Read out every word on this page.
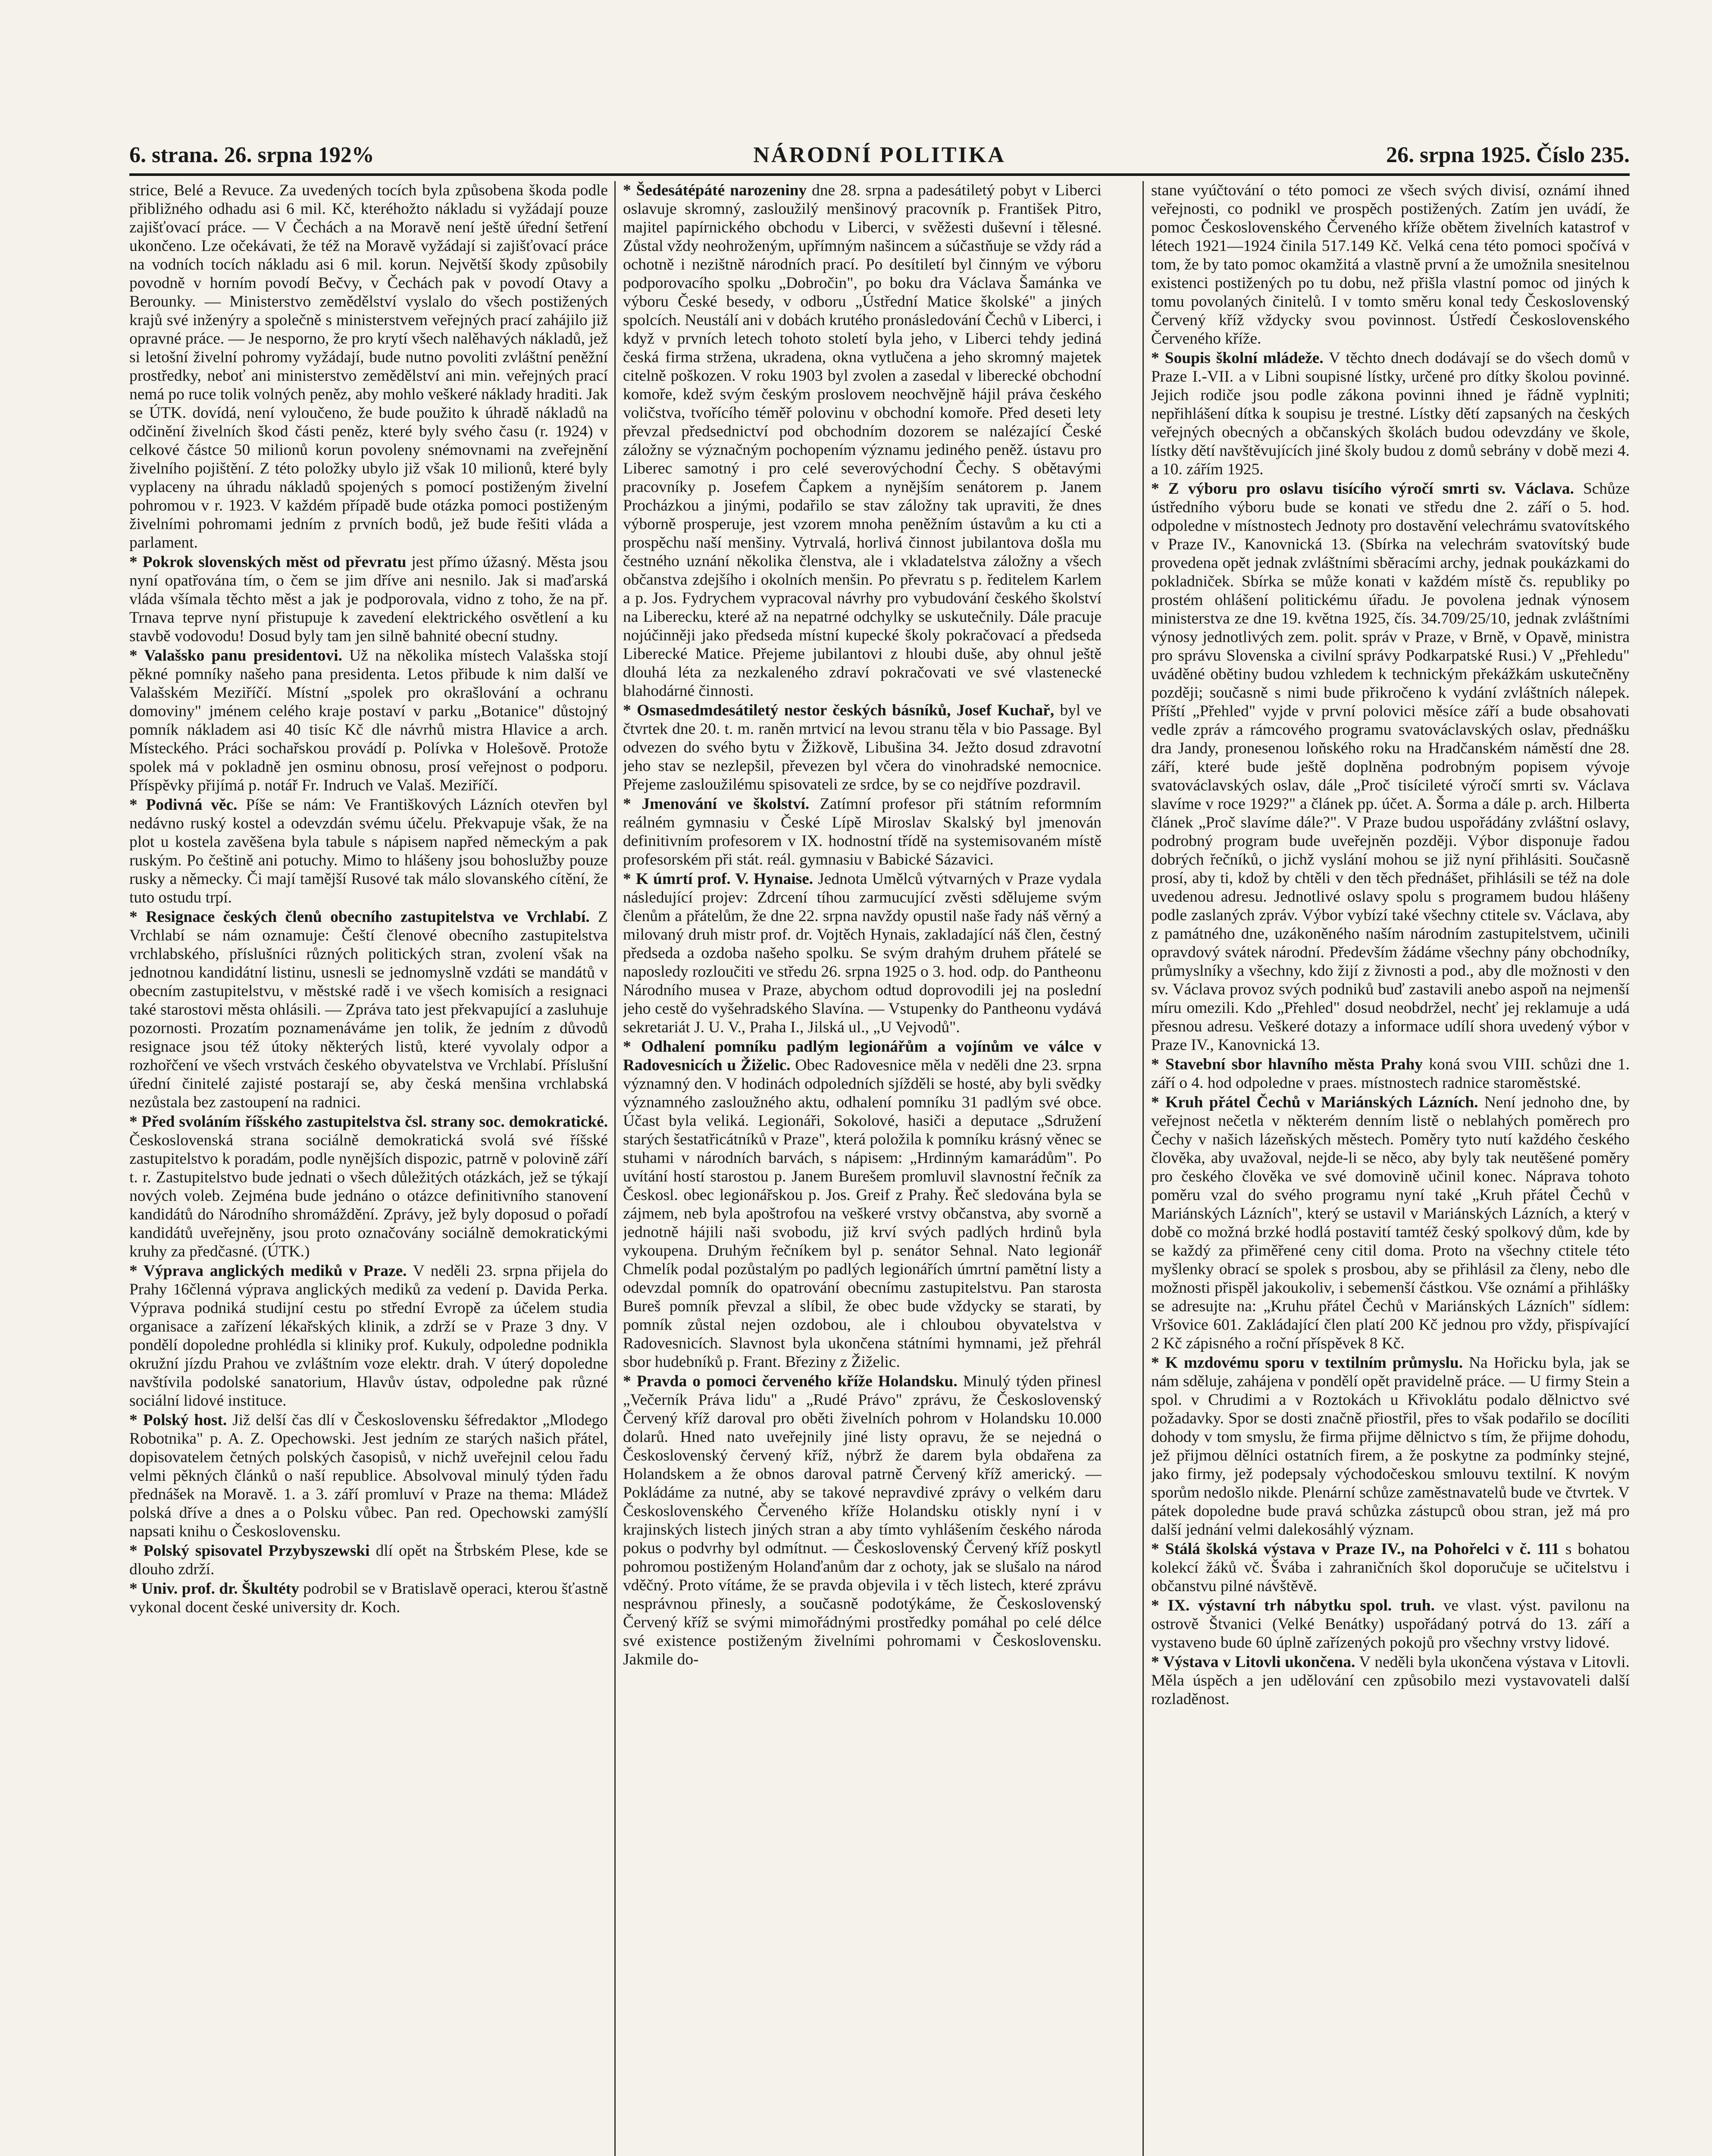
6. strana. 26. srpna 192%	NÁRODNÍ POLITIKA	26. srpna 1925. Číslo 235.

strice, Belé a Revuce. Za uvedených tocích byla způsobena škoda podle přibližného odhadu asi 6 mil. Kč, kteréhožto nákladu si vyžádají pouze zajišťovací práce. — V Čechách a na Moravě není ještě úřední šetření ukončeno. Lze očekávati, že též na Moravě vyžádají si zajišťovací práce na vodních tocích nákladu asi 6 mil. korun. Největší škody způsobily povodně v horním povodí Bečvy, v Čechách pak v povodí Otavy a Berounky. — Ministerstvo zemědělství vyslalo do všech postižených krajů své inženýry a společně s ministerstvem veřejných prací zahájilo již opravné práce. — Je nesporno, že pro krytí všech nalěhavých nákladů, jež si letošní živelní pohromy vyžádají, bude nutno povoliti zvláštní peněžní prostředky, neboť ani ministerstvo zemědělství ani min. veřejných prací nemá po ruce tolik volných peněz, aby mohlo veškeré náklady hraditi. Jak se ÚTK. dovídá, není vyloučeno, že bude použito k úhradě nákladů na odčinění živelních škod části peněz, které byly svého času (r. 1924) v celkové částce 50 milionů korun povoleny snémovnami na zveřejnění živelního pojištění. Z této položky ubylo již však 10 milionů, které byly vyplaceny na úhradu nákladů spojených s pomocí postiženým živelní pohromou v r. 1923. V každém případě bude otázka pomoci postiženým živelními pohromami jedním z prvních bodů, jež bude řešiti vláda a parlament.

* Pokrok slovenských měst od převratu jest přímo úžasný. Města jsou nyní opatřována tím, o čem se jim dříve ani nesnilo. Jak si maďarská vláda všímala těchto měst a jak je podporovala, vidno z toho, že na př. Trnava teprve nyní přistupuje k zavedení elektrického osvětlení a ku stavbě vodovodu! Dosud byly tam jen silně bahnité obecní studny.

* Valašsko panu presidentovi. Už na několika místech Valašska stojí pěkné pomníky našeho pana presidenta. Letos přibude k nim další ve Valašském Meziříčí. Místní „spolek pro okrašlování a ochranu domoviny" jménem celého kraje postaví v parku „Botanice" důstojný pomník nákladem asi 40 tisíc Kč dle návrhů mistra Hlavice a arch. Místeckého. Práci sochařskou provádí p. Polívka v Holešově. Protože spolek má v pokladně jen osminu obnosu, prosí veřejnost o podporu. Příspěvky přijímá p. notář Fr. Indruch ve Valaš. Meziříčí.

* Podivná věc. Píše se nám: Ve Františkových Lázních otevřen byl nedávno ruský kostel a odevzdán svému účelu. Překvapuje však, že na plot u kostela zavěšena byla tabule s nápisem napřed německým a pak ruským. Po češtině ani potuchy. Mimo to hlášeny jsou bohoslužby pouze rusky a německy. Či mají tamější Rusové tak málo slovanského cítění, že tuto ostudu trpí.

* Resignace českých členů obecního zastupitelstva ve Vrchlabí. Z Vrchlabí se nám oznamuje: Čeští členové obecního zastupitelstva vrchlabského, příslušníci různých politických stran, zvolení však na jednotnou kandidátní listinu, usnesli se jednomyslně vzdáti se mandátů v obecním zastupitelstvu, v městské radě i ve všech komisích a resignaci také starostovi města ohlásili. — Zpráva tato jest překvapující a zasluhuje pozornosti. Prozatím poznamenáváme jen tolik, že jedním z důvodů resignace jsou též útoky některých listů, které vyvolaly odpor a rozhořčení ve všech vrstvách českého obyvatelstva ve Vrchlabí. Příslušní úřední činitelé zajisté postarají se, aby česká menšina vrchlabská nezůstala bez zastoupení na radnici.

* Před svoláním říšského zastupitelstva čsl. strany soc. demokratické. Československá strana sociálně demokratická svolá své říšské zastupitelstvo k poradám, podle nynějších dispozic, patrně v polovině září t. r. Zastupitelstvo bude jednati o všech důležitých otázkách, jež se týkají nových voleb. Zejména bude jednáno o otázce definitivního stanovení kandidátů do Národního shromáždění. Zprávy, jež byly doposud o pořadí kandidátů uveřejněny, jsou proto označovány sociálně demokratickými kruhy za předčasné. (ÚTK.)

* Výprava anglických mediků v Praze. V neděli 23. srpna přijela do Prahy 16členná výprava anglických mediků za vedení p. Davida Perka. Výprava podniká studijní cestu po střední Evropě za účelem studia organisace a zařízení lékařských klinik, a zdrží se v Praze 3 dny. V pondělí dopoledne prohlédla si kliniky prof. Kukuly, odpoledne podnikla okružní jízdu Prahou ve zvláštním voze elektr. drah. V úterý dopoledne navštívila podolské sanatorium, Hlavův ústav, odpoledne pak různé sociální lidové instituce.

* Polský host. Již delší čas dlí v Československu šéfredaktor „Mlodego Robotnika" p. A. Z. Opechowski. Jest jedním ze starých našich přátel, dopisovatelem četných polských časopisů, v nichž uveřejnil celou řadu velmi pěkných článků o naší republice. Absolvoval minulý týden řadu přednášek na Moravě. 1. a 3. září promluví v Praze na thema: Mládež polská dříve a dnes a o Polsku vůbec. Pan red. Opechowski zamýšlí napsati knihu o Československu.

* Polský spisovatel Przybyszewski dlí opět na Štrbském Plese, kde se dlouho zdrží.

* Univ. prof. dr. Škultéty podrobil se v Bratislavě operaci, kterou šťastně vykonal docent české university dr. Koch.

* Šedesátépáté narozeniny dne 28. srpna a padesátiletý pobyt v Liberci oslavuje skromný, zasloužilý menšinový pracovník p. František Pitro, majitel papírnického obchodu v Liberci, v svěžesti duševní i tělesné. Zůstal vždy neohroženým, upřímným našincem a súčastňuje se vždy rád a ochotně i nezištně národních prací. Po desítiletí byl činným ve výboru podporovacího spolku „Dobročin", po boku dra Václava Šamánka ve výboru České besedy, v odboru „Ústřední Matice školské" a jiných spolcích. Neustálí ani v dobách krutého pronásledování Čechů v Liberci, i když v prvních letech tohoto století byla jeho, v Liberci tehdy jediná česká firma stržena, ukradena, okna vytlučena a jeho skromný majetek citelně poškozen. V roku 1903 byl zvolen a zasedal v liberecké obchodní komoře, kdež svým českým proslovem neochvějně hájil práva českého voličstva, tvořícího téměř polovinu v obchodní komoře. Před deseti lety převzal předsednictví pod obchodním dozorem se nalézající České záložny se význačným pochopením významu jediného peněž. ústavu pro Liberec samotný i pro celé severovýchodní Čechy. S obětavými pracovníky p. Josefem Čapkem a nynějším senátorem p. Janem Procházkou a jinými, podařilo se stav záložny tak upraviti, že dnes výborně prosperuje, jest vzorem mnoha peněžním ústavům a ku cti a prospěchu naší menšiny. Vytrvalá, horlivá činnost jubilantova došla mu čestného uznání několika členstva, ale i vkladatelstva záložny a všech občanstva zdejšího i okolních menšin. Po převratu s p. ředitelem Karlem a p. Jos. Fydrychem vypracoval návrhy pro vybudování českého školství na Liberecku, které až na nepatrné odchylky se uskutečnily. Dále pracuje nojúčinněji jako předseda místní kupecké školy pokračovací a předseda Liberecké Matice. Přejeme jubilantovi z hloubi duše, aby ohnul ještě dlouhá léta za nezkaleného zdraví pokračovati ve své vlastenecké blahodárné činnosti.

* Osmasedmdesátiletý nestor českých básníků, Josef Kuchař, byl ve čtvrtek dne 20. t. m. raněn mrtvicí na levou stranu těla v bio Passage. Byl odvezen do svého bytu v Žižkově, Libušina 34. Ježto dosud zdravotní jeho stav se nezlepšil, převezen byl včera do vinohradské nemocnice. Přejeme zasloužilému spisovateli ze srdce, by se co nejdříve pozdravil.

* Jmenování ve školství. Zatímní profesor při státním reformním reálném gymnasiu v České Lípě Miroslav Skalský byl jmenován definitivním profesorem v IX. hodnostní třídě na systemisovaném místě profesorském při stát. reál. gymnasiu v Babické Sázavici.

* K úmrtí prof. V. Hynaise. Jednota Umělců výtvarných v Praze vydala následující projev: Zdrcení tíhou zarmucující zvěsti sdělujeme svým členům a přátelům, že dne 22. srpna navždy opustil naše řady náš věrný a milovaný druh mistr prof. dr. Vojtěch Hynais, zakladající náš člen, čestný předseda a ozdoba našeho spolku. Se svým drahým druhem přátelé se naposledy rozloučiti ve středu 26. srpna 1925 o 3. hod. odp. do Pantheonu Národního musea v Praze, abychom odtud doprovodili jej na poslední jeho cestě do vyšehradského Slavína. — Vstupenky do Pantheonu vydává sekretariát J. U. V., Praha I., Jilská ul., „U Vejvodů".

* Odhalení pomníku padlým legionářům a vojínům ve válce v Radovesnicích u Žiželic. Obec Radovesnice měla v neděli dne 23. srpna významný den. V hodinách odpoledních sjížděli se hosté, aby byli svědky významného zasloužného aktu, odhalení pomníku 31 padlým své obce. Účast byla veliká. Legionáři, Sokolové, hasiči a deputace „Sdružení starých šestatřicátníků v Praze", která položila k pomníku krásný věnec se stuhami v národních barvách, s nápisem: „Hrdinným kamarádům". Po uvítání hostí starostou p. Janem Burešem promluvil slavnostní řečník za Českosl. obec legionářskou p. Jos. Greif z Prahy. Řeč sledována byla se zájmem, neb byla apoštrofou na veškeré vrstvy občanstva, aby svorně a jednotně hájili naši svobodu, již krví svých padlých hrdinů byla vykoupena. Druhým řečníkem byl p. senátor Sehnal. Nato legionář Chmelík podal pozůstalým po padlých legionářích úmrtní pamětní listy a odevzdal pomník do opatrování obecnímu zastupitelstvu. Pan starosta Bureš pomník převzal a slíbil, že obec bude vždycky se starati, by pomník zůstal nejen ozdobou, ale i chloubou obyvatelstva v Radovesnicích. Slavnost byla ukončena státními hymnami, jež přehrál sbor hudebníků p. Frant. Březiny z Žiželic.

* Pravda o pomoci červeného kříže Holandsku. Minulý týden přinesl „Večerník Práva lidu" a „Rudé Právo" zprávu, že Československý Červený kříž daroval pro oběti živelních pohrom v Holandsku 10.000 dolarů. Hned nato uveřejnily jiné listy opravu, že se nejedná o Československý červený kříž, nýbrž že darem byla obdařena za Holandskem a že obnos daroval patrně Červený kříž americký. — Pokládáme za nutné, aby se takové nepravdivé zprávy o velkém daru Československého Červeného kříže Holandsku otiskly nyní i v krajinských listech jiných stran a aby tímto vyhlášením českého národa pokus o podvrhy byl odmítnut. — Československý Červený kříž poskytl pohromou postiženým Holanďanům dar z ochoty, jak se slušalo na národ vděčný. Proto vítáme, že se pravda objevila i v těch listech, které zprávu nesprávnou přinesly, a současně podotýkáme, že Československý Červený kříž se svými mimořádnými prostředky pomáhal po celé délce své existence postiženým živelními pohromami v Československu. Jakmile do-

stane vyúčtování o této pomoci ze všech svých divisí, oznámí ihned veřejnosti, co podnikl ve prospěch postižených. Zatím jen uvádí, že pomoc Československého Červeného kříže obětem živelních katastrof v létech 1921—1924 činila 517.149 Kč. Velká cena této pomoci spočívá v tom, že by tato pomoc okamžitá a vlastně první a že umožnila snesitelnou existenci postižených po tu dobu, než přišla vlastní pomoc od jiných k tomu povolaných činitelů. I v tomto směru konal tedy Československý Červený kříž vždycky svou povinnost. Ústředí Československého Červeného kříže.

* Soupis školní mládeže. V těchto dnech dodávají se do všech domů v Praze I.-VII. a v Libni soupisné lístky, určené pro dítky školou povinné. Jejich rodiče jsou podle zákona povinni ihned je řádně vyplniti; nepřihlášení dítka k soupisu je trestné. Lístky dětí zapsaných na českých veřejných obecných a občanských školách budou odevzdány ve škole, lístky dětí navštěvujících jiné školy budou z domů sebrány v době mezi 4. a 10. zářím 1925.

* Z výboru pro oslavu tisícího výročí smrti sv. Václava. Schůze ústředního výboru bude se konati ve středu dne 2. září o 5. hod. odpoledne v místnostech Jednoty pro dostavění velechrámu svatovítského v Praze IV., Kanovnická 13. (Sbírka na velechrám svatovítský bude provedena opět jednak zvláštními sběracími archy, jednak poukázkami do pokladniček. Sbírka se může konati v každém místě čs. republiky po prostém ohlášení politickému úřadu. Je povolena jednak výnosem ministerstva ze dne 19. května 1925, čís. 34.709/25/10, jednak zvláštními výnosy jednotlivých zem. polit. správ v Praze, v Brně, v Opavě, ministra pro správu Slovenska a civilní správy Podkarpatské Rusi.) V „Přehledu" uváděné obětiny budou vzhledem k technickým překážkám uskutečněny později; současně s nimi bude přikročeno k vydání zvláštních nálepek. Příští „Přehled" vyjde v první polovici měsíce září a bude obsahovati vedle zpráv a rámcového programu svatováclavských oslav, přednášku dra Jandy, pronesenou loňského roku na Hradčanském náměstí dne 28. září, které bude ještě doplněna podrobným popisem vývoje svatováclavských oslav, dále „Proč tisícileté výročí smrti sv. Václava slavíme v roce 1929?" a článek pp. účet. A. Šorma a dále p. arch. Hilberta článek „Proč slavíme dále?". V Praze budou uspořádány zvláštní oslavy, podrobný program bude uveřejněn později. Výbor disponuje řadou dobrých řečníků, o jichž vyslání mohou se již nyní přihlásiti. Současně prosí, aby ti, kdož by chtěli v den těch přednášet, přihlásili se též na dole uvedenou adresu. Jednotlivé oslavy spolu s programem budou hlášeny podle zaslaných zpráv. Výbor vybízí také všechny ctitele sv. Václava, aby z památného dne, uzákoněného naším národním zastupitelstvem, učinili opravdový svátek národní. Především žádáme všechny pány obchodníky, průmyslníky a všechny, kdo žijí z živnosti a pod., aby dle možnosti v den sv. Václava provoz svých podniků buď zastavili anebo aspoň na nejmenší míru omezili. Kdo „Přehled" dosud neobdržel, nechť jej reklamuje a udá přesnou adresu. Veškeré dotazy a informace udílí shora uvedený výbor v Praze IV., Kanovnická 13.

* Stavební sbor hlavního města Prahy koná svou VIII. schůzi dne 1. září o 4. hod odpoledne v praes. místnostech radnice staroměstské.

* Kruh přátel Čechů v Mariánských Lázních. Není jednoho dne, by veřejnost nečetla v některém denním listě o neblahých poměrech pro Čechy v našich lázeňských městech. Poměry tyto nutí každého českého člověka, aby uvažoval, nejde-li se něco, aby byly tak neutěšené poměry pro českého člověka ve své domovině učinil konec. Náprava tohoto poměru vzal do svého programu nyní také „Kruh přátel Čechů v Mariánských Lázních", který se ustavil v Mariánských Lázních, a který v době co možná brzké hodlá postavití tamtéž český spolkový dům, kde by se každý za přiměřené ceny citil doma. Proto na všechny ctitele této myšlenky obrací se spolek s prosbou, aby se přihlásil za členy, nebo dle možnosti přispěl jakoukoliv, i sebemenší částkou. Vše oznámí a přihlášky se adresujte na: „Kruhu přátel Čechů v Mariánských Lázních" sídlem: Vršovice 601. Zakládající člen platí 200 Kč jednou pro vždy, přispívající 2 Kč zápisného a roční příspěvek 8 Kč.

* K mzdovému sporu v textilním průmyslu. Na Hořicku byla, jak se nám sděluje, zahájena v pondělí opět pravidelně práce. — U firmy Stein a spol. v Chrudimi a v Roztokách u Křivoklátu podalo dělnictvo své požadavky. Spor se dosti značně přiostřil, přes to však podařilo se docíliti dohody v tom smyslu, že firma přijme dělnictvo s tím, že přijme dohodu, jež přijmou dělníci ostatních firem, a že poskytne za podmínky stejné, jako firmy, jež podepsaly východočeskou smlouvu textilní. K novým sporům nedošlo nikde. Plenární schůze zaměstnavatelů bude ve čtvrtek. V pátek dopoledne bude pravá schůzka zástupců obou stran, jež má pro další jednání velmi dalekosáhlý význam.

* Stálá školská výstava v Praze IV., na Pohořelci v č. 111 s bohatou kolekcí žáků vč. Švába i zahraničních škol doporučuje se učitelstvu i občanstvu pilné návštěvě.

* IX. výstavní trh nábytku spol. truh. ve vlast. výst. pavilonu na ostrově Štvanici (Velké Benátky) uspořádaný potrvá do 13. září a vystaveno bude 60 úplně zařízených pokojů pro všechny vrstvy lidové.

* Výstava v Litovli ukončena. V neděli byla ukončena výstava v Litovli. Měla úspěch a jen udělování cen způsobilo mezi vystavovateli další rozladěnost.
